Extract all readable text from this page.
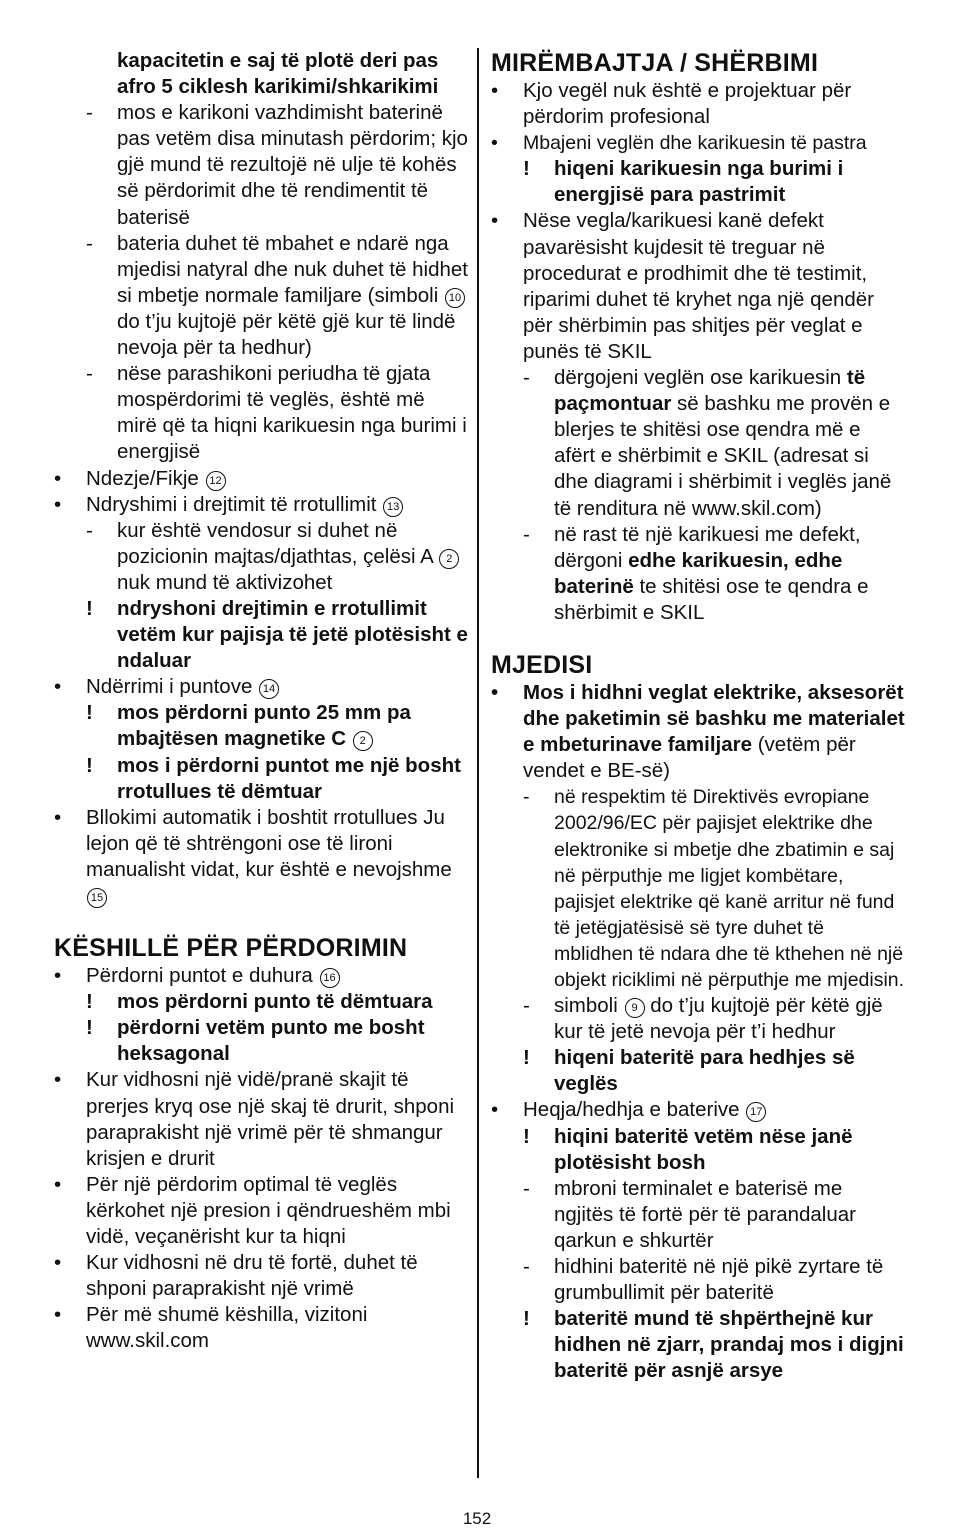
kapacitetin e saj të plotë deri pas afro 5 ciklesh karikimi/shkarikimi
- mos e karikoni vazhdimisht baterinë pas vetëm disa minutash përdorim; kjo gjë mund të rezultojë në ulje të kohës së përdorimit dhe të rendimentit të baterisë
- bateria duhet të mbahet e ndarë nga mjedisi natyral dhe nuk duhet të hidhet si mbetje normale familjare (simboli 10 do t’ju kujtojë për këtë gjë kur të lindë nevoja për ta hedhur)
- nëse parashikoni periudha të gjata mospërdorimi të veglës, është më mirë që ta hiqni karikuesin nga burimi i energjisë
• Ndezje/Fikje 12
• Ndryshimi i drejtimit të rrotullimit 13
- kur është vendosur si duhet në pozicionin majtas/djathtas, çelësi A 2 nuk mund të aktivizohet
! ndryshoni drejtimin e rrotullimit vetëm kur pajisja të jetë plotësisht e ndaluar
• Ndërrimi i puntove 14
! mos përdorni punto 25 mm pa mbajtësen magnetike C 2
! mos i përdorni puntot me një bosht rrotullues të dëmtuar
• Bllokimi automatik i boshtit rrotullues Ju lejon që të shtrëngoni ose të lironi manualisht vidat, kur është e nevojshme 15
KËSHILLË PËR PËRDORIMIN
• Përdorni puntot e duhura 16
! mos përdorni punto të dëmtuara
! përdorni vetëm punto me bosht heksagonal
• Kur vidhosni një vidë/pranë skajit të prerjes kryq ose një skaj të drurit, shponi paraprakisht një vrimë për të shmangur krisjen e drurit
• Për një përdorim optimal të veglës kërkohet një presion i qëndrueshëm mbi vidë, veçanërisht kur ta hiqni
• Kur vidhosni në dru të fortë, duhet të shponi paraprakisht një vrimë
• Për më shumë këshilla, vizitoni www.skil.com
MIRËMBAJTJA / SHËRBIMI
• Kjo vegël nuk është e projektuar për përdorim profesional
• Mbajeni veglën dhe karikuesin të pastra
! hiqeni karikuesin nga burimi i energjisë para pastrimit
• Nëse vegla/karikuesi kanë defekt pavarësisht kujdesit të treguar në procedurat e prodhimit dhe të testimit, riparimi duhet të kryhet nga një qendër për shërbimin pas shitjes për veglat e punës të SKIL
- dërgojeni veglën ose karikuesin të paçmontuar së bashku me provën e blerjes te shitësi ose qendra më e afërt e shërbimit e SKIL (adresat si dhe diagrami i shërbimit i veglës janë të renditura në www.skil.com)
- në rast të një karikuesi me defekt, dërgoni edhe karikuesin, edhe baterinë te shitësi ose te qendra e shërbimit e SKIL
MJEDISI
• Mos i hidhni veglat elektrike, aksesorët dhe paketimin së bashku me materialet e mbeturinave familjare (vetëm për vendet e BE-së)
- në respektim të Direktivës evropiane 2002/96/EC për pajisjet elektrike dhe elektronike si mbetje dhe zbatimin e saj në përputhje me ligjet kombëtare, pajisjet elektrike që kanë arritur në fund të jetëgjatësisë së tyre duhet të mblidhen të ndara dhe të kthehen në një objekt riciklimi në përputhje me mjedisin.
- simboli 9 do t’ju kujtojë për këtë gjë kur të jetë nevoja për t’i hedhur
! hiqeni bateritë para hedhjes së veglës
• Heqja/hedhja e baterive 17
! hiqini bateritë vetëm nëse janë plotësisht bosh
- mbroni terminalet e baterisë me ngjitës të fortë për të parandaluar qarkun e shkurtër
- hidhini bateritë në një pikë zyrtare të grumbullimit për bateritë
! bateritë mund të shpërthejnë kur hidhen në zjarr, prandaj mos i digjni bateritë për asnjë arsye
152
